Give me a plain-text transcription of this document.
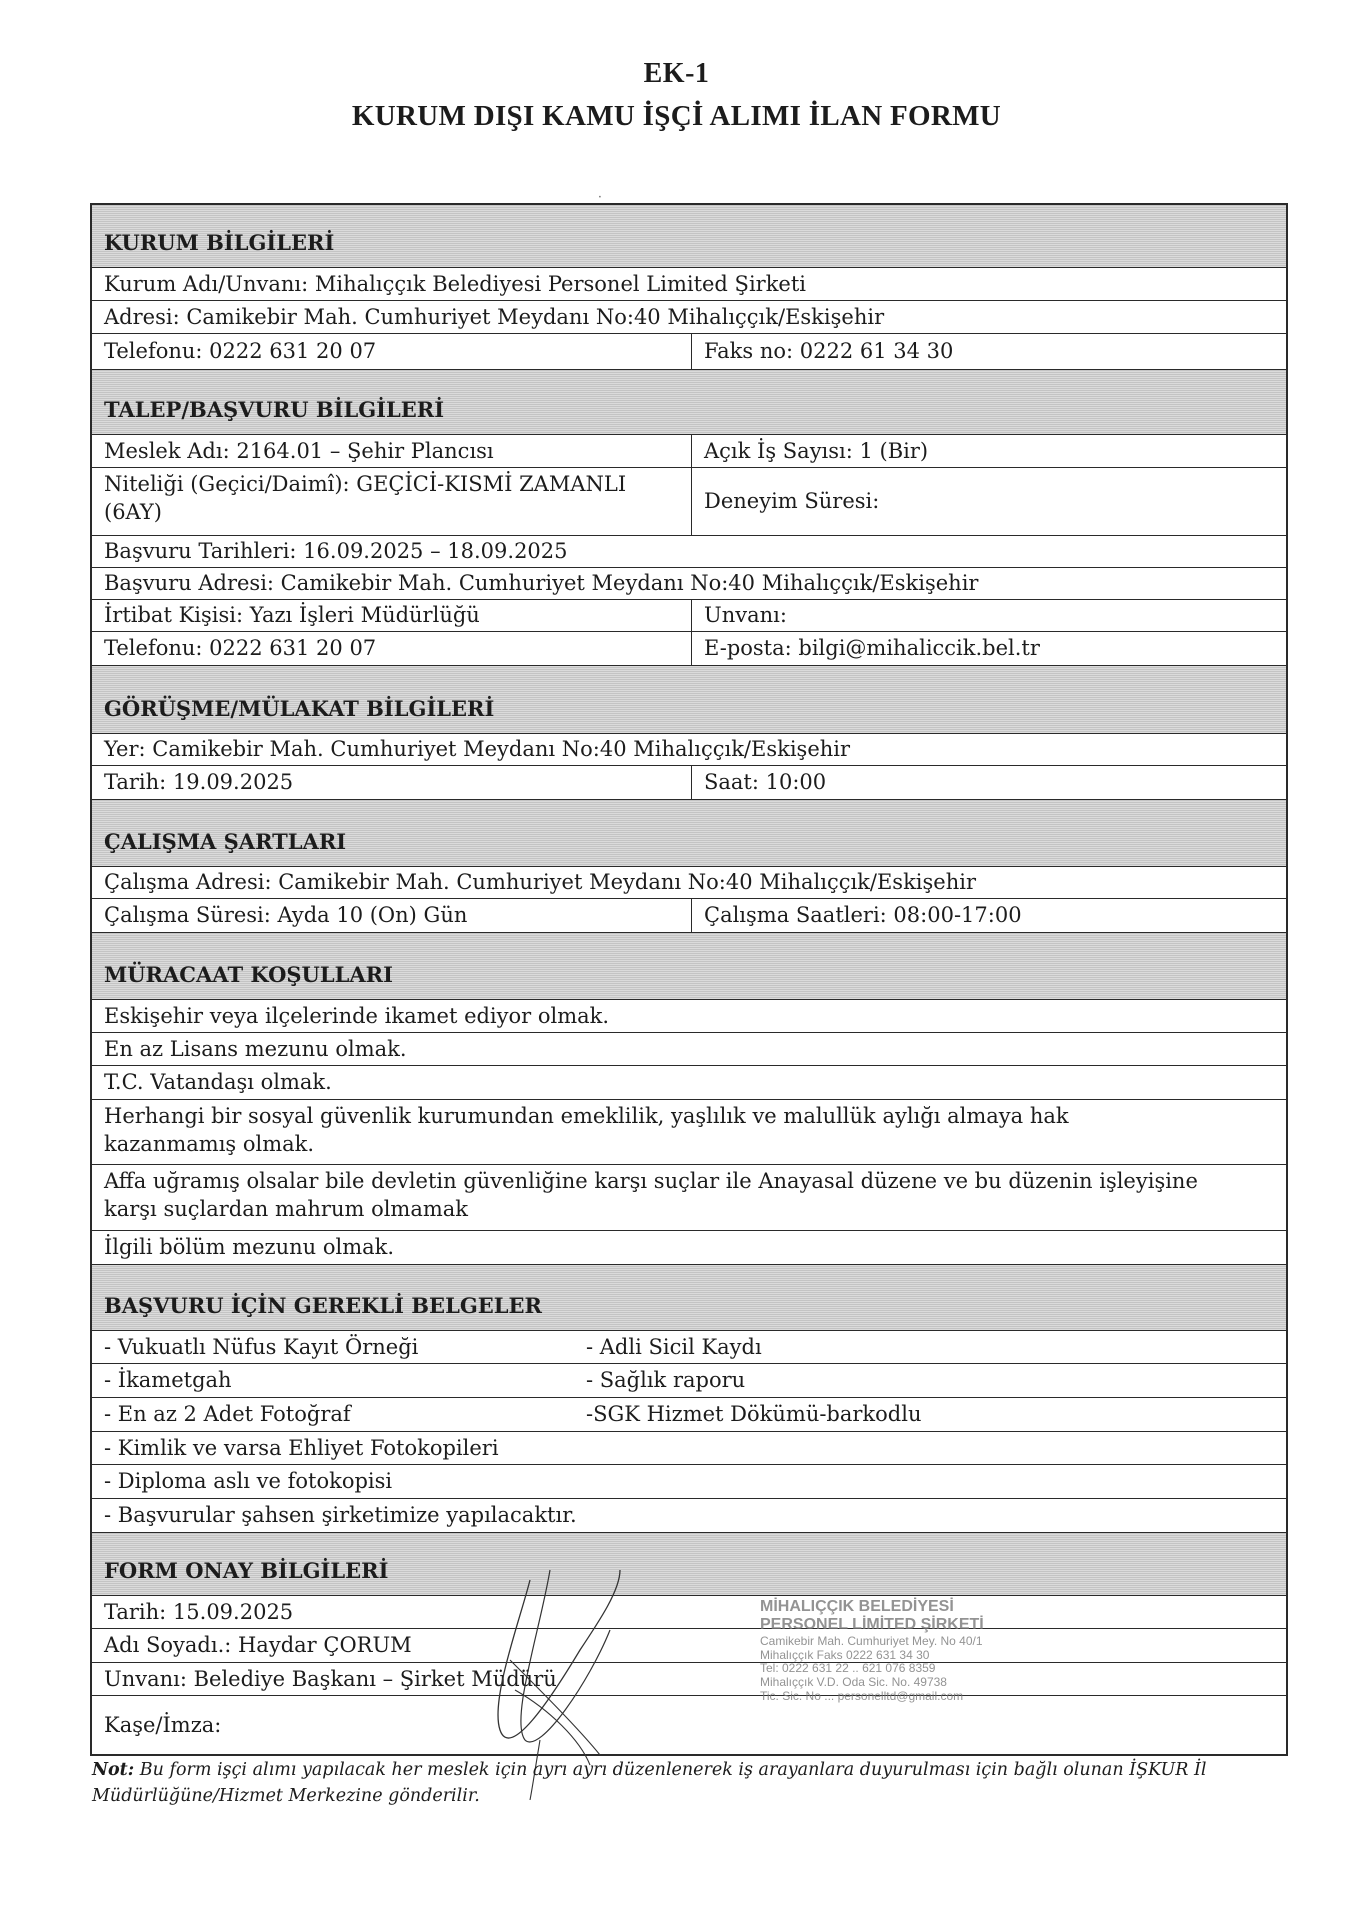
EK-1
KURUM DIŞI KAMU İŞÇİ ALIMI İLAN FORMU
KURUM BİLGİLERİ
Kurum Adı/Unvanı: Mihalıççık Belediyesi Personel Limited Şirketi
Adresi: Camikebir Mah. Cumhuriyet Meydanı No:40 Mihalıççık/Eskişehir
Telefonu: 0222 631 20 07	Faks no: 0222 61 34 30
TALEP/BAŞVURU BİLGİLERİ
Meslek Adı: 2164.01 – Şehir Plancısı	Açık İş Sayısı: 1 (Bir)
Niteliği (Geçici/Daimî): GEÇİCİ-KISMİ ZAMANLI (6AY)	Deneyim Süresi:
Başvuru Tarihleri: 16.09.2025 – 18.09.2025
Başvuru Adresi: Camikebir Mah. Cumhuriyet Meydanı No:40 Mihalıççık/Eskişehir
İrtibat Kişisi: Yazı İşleri Müdürlüğü	Unvanı:
Telefonu: 0222 631 20 07	E-posta: bilgi@mihaliccik.bel.tr
GÖRÜŞME/MÜLAKAT BİLGİLERİ
Yer: Camikebir Mah. Cumhuriyet Meydanı No:40 Mihalıççık/Eskişehir
Tarih: 19.09.2025	Saat: 10:00
ÇALIŞMA ŞARTLARI
Çalışma Adresi: Camikebir Mah. Cumhuriyet Meydanı No:40 Mihalıççık/Eskişehir
Çalışma Süresi: Ayda 10 (On) Gün	Çalışma Saatleri: 08:00-17:00
MÜRACAAT KOŞULLARI
Eskişehir veya ilçelerinde ikamet ediyor olmak.
En az Lisans mezunu olmak.
T.C. Vatandaşı olmak.
Herhangi bir sosyal güvenlik kurumundan emeklilik, yaşlılık ve malullük aylığı almaya hak kazanmamış olmak.
Affa uğramış olsalar bile devletin güvenliğine karşı suçlar ile Anayasal düzene ve bu düzenin işleyişine karşı suçlardan mahrum olmamak
İlgili bölüm mezunu olmak.
BAŞVURU İÇİN GEREKLİ BELGELER
- Vukuatlı Nüfus Kayıt Örneği	- Adli Sicil Kaydı
- İkametgah	- Sağlık raporu
- En az 2 Adet Fotoğraf	-SGK Hizmet Dökümü-barkodlu
- Kimlik ve varsa Ehliyet Fotokopileri
- Diploma aslı ve fotokopisi
- Başvurular şahsen şirketimize yapılacaktır.
FORM ONAY BİLGİLERİ
Tarih: 15.09.2025
Adı Soyadı.: Haydar ÇORUM
Unvanı: Belediye Başkanı – Şirket Müdürü
Kaşe/İmza:
MİHALIÇÇIK BELEDİYESİ
PERSONEL LİMİTED ŞİRKETİ
Camikebir Mah. Cumhuriyet Mey. No 40/1
Mihalıççık Faks 0222 631 34 30
Tel: 0222 631 22 .. 621 076 8359
Mihalıççık V.D. Oda Sic. No. 49738
Tic. Sic. No ... personelltd@gmail.com
‧
Not: Bu form işçi alımı yapılacak her meslek için ayrı ayrı düzenlenerek iş arayanlara duyurulması için bağlı olunan İŞKUR İl Müdürlüğüne/Hizmet Merkezine gönderilir.
